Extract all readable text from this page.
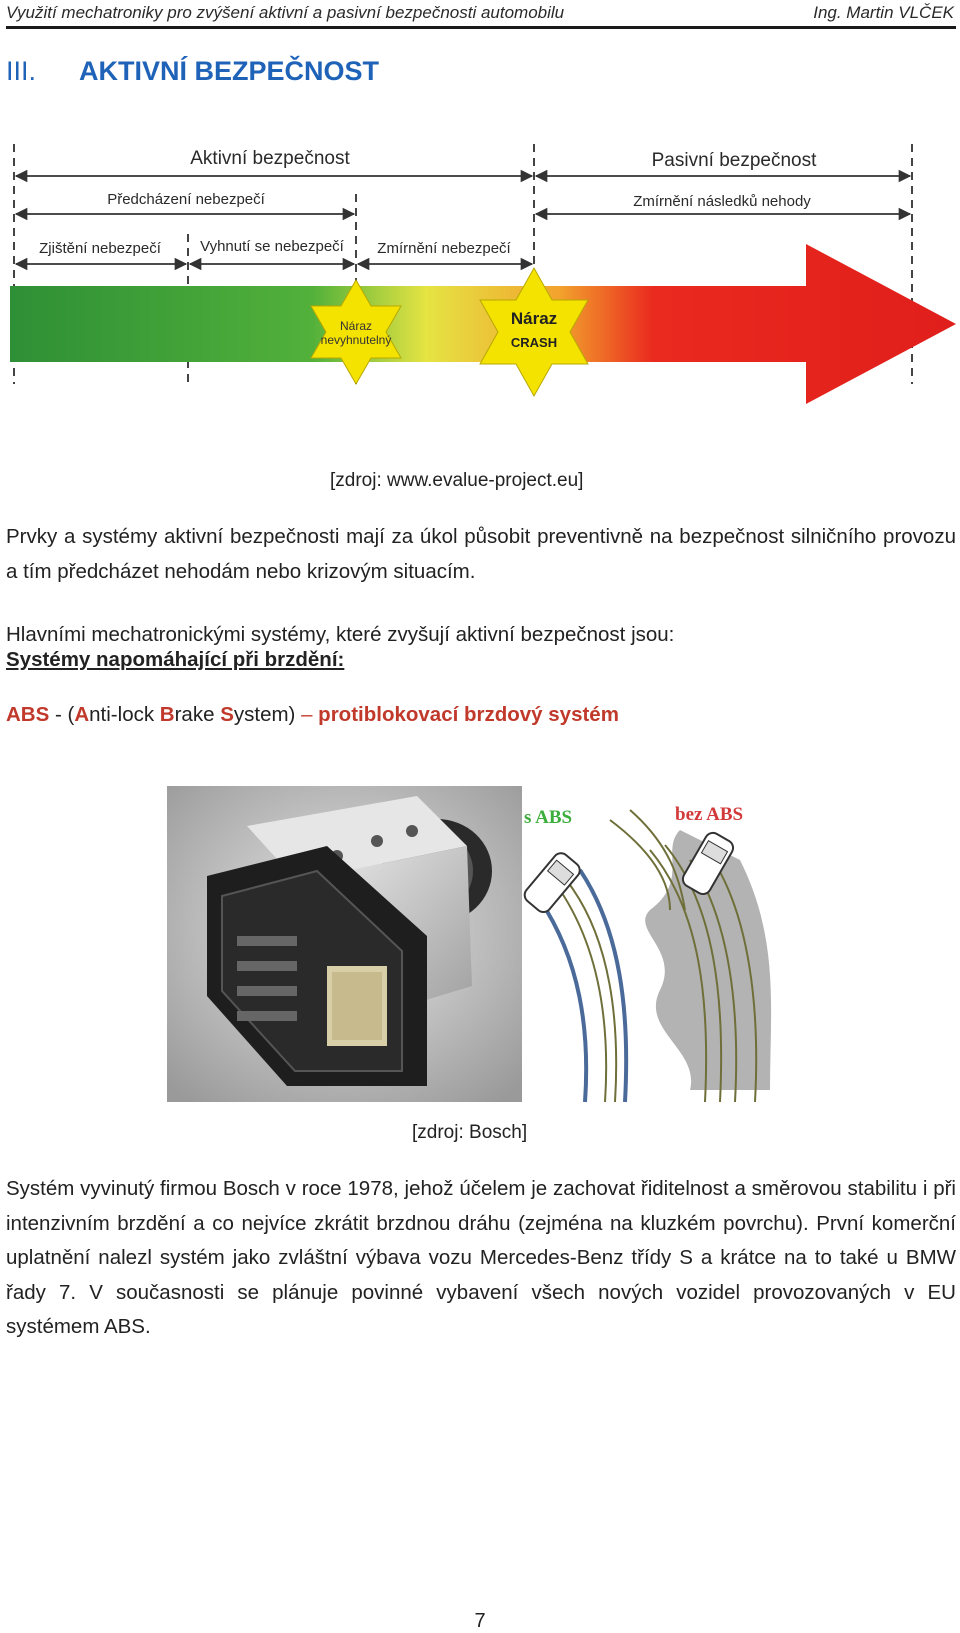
Využití mechatroniky pro zvýšení aktivní a pasivní bezpečnosti automobilu	Ing. Martin VLČEK
III. AKTIVNÍ BEZPEČNOST
Aktivní bezpečnost	Pasivní bezpečnost
Předcházení nebezpečí	Zmírnění následků nehody
Zjištění nebezpečí	Vyhnutí se nebezpečí Zmírnění nebezpečí
Náraz
nevyhnutelný
Náraz
CRASH
[zdroj: www.evalue-project.eu]
Prvky a systémy aktivní bezpečnosti mají za úkol působit preventivně na bezpečnost silničního provozu a tím předcházet nehodám nebo krizovým situacím.
Hlavními mechatronickými systémy, které zvyšují aktivní bezpečnost jsou:
Systémy napomáhající při brzdění:
ABS - (Anti-lock Brake System) – protiblokovací brzdový systém
s ABS	bez ABS
[zdroj: Bosch]
Systém vyvinutý firmou Bosch v roce 1978, jehož účelem je zachovat řiditelnost a směrovou stabilitu i při intenzivním brzdění a co nejvíce zkrátit brzdnou dráhu (zejména na kluzkém povrchu). První komerční uplatnění nalezl systém jako zvláštní výbava vozu Mercedes-Benz třídy S a krátce na to také u BMW řady 7. V současnosti se plánuje povinné vybavení všech nových vozidel provozovaných v EU systémem ABS.
7
